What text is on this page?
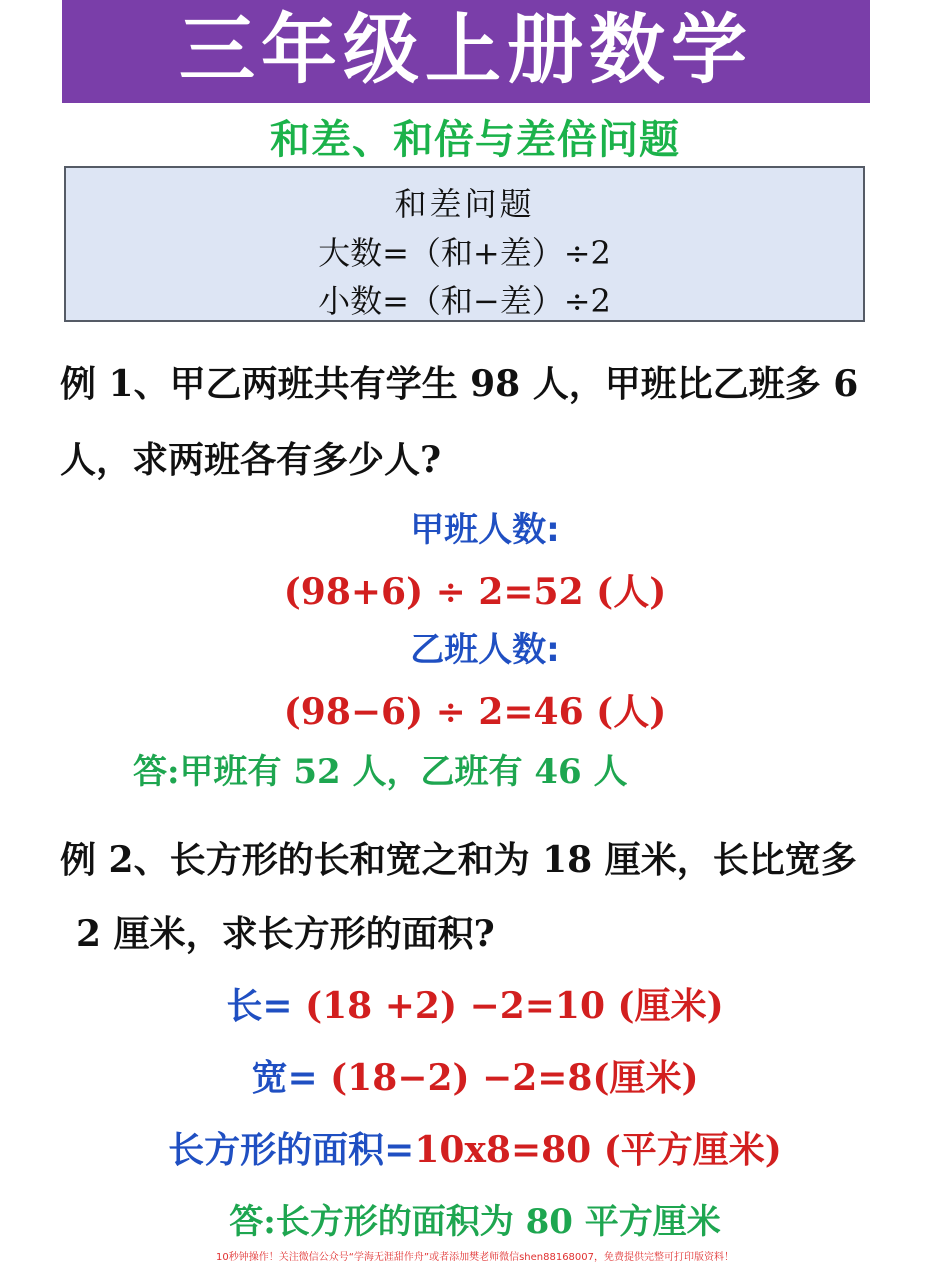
三年级上册数学
和差、和倍与差倍问题
和差问题
大数=（和+差）÷2
小数=（和−差）÷2
例 1、甲乙两班共有学生 98 人，甲班比乙班多 6
人，求两班各有多少人?
甲班人数:
(98+6) ÷ 2=52 (人)
乙班人数:
(98−6) ÷ 2=46 (人)
答:甲班有 52 人，乙班有 46 人
例 2、长方形的长和宽之和为 18 厘米，长比宽多
2 厘米，求长方形的面积?
长= (18 +2) −2=10 (厘米)
宽= (18−2) −2=8(厘米)
长方形的面积=10x8=80 (平方厘米)
答:长方形的面积为 80 平方厘米
10秒钟操作！关注微信公众号“学海无涯甜作舟”或者添加樊老师微信shen88168007，免费提供完整可打印版资料！
